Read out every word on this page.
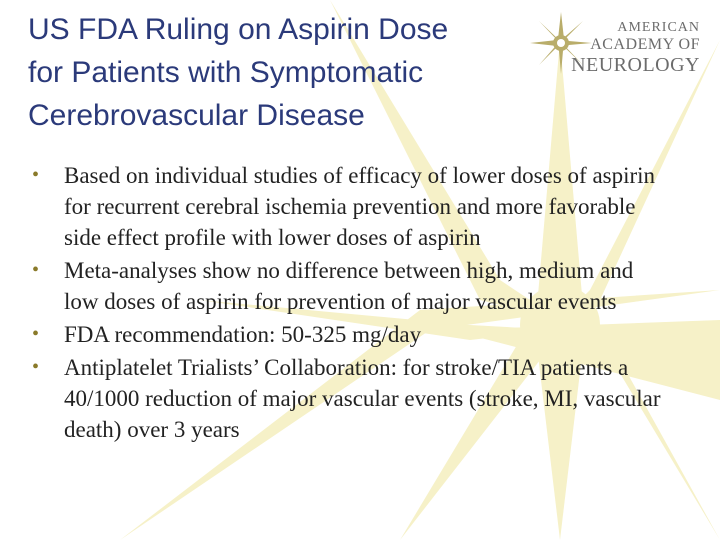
US FDA Ruling on Aspirin Dose
for Patients with Symptomatic
Cerebrovascular Disease
AMERICAN
ACADEMY OF
NEUROLOGY
• Based on individual studies of efficacy of lower doses of aspirin for recurrent cerebral ischemia prevention and more favorable side effect profile with lower doses of aspirin
• Meta-analyses show no difference between high, medium and low doses of aspirin for prevention of major vascular events
• FDA recommendation: 50-325 mg/day
• Antiplatelet Trialists’ Collaboration: for stroke/TIA patients a 40/1000 reduction of major vascular events (stroke, MI, vascular death) over 3 years
